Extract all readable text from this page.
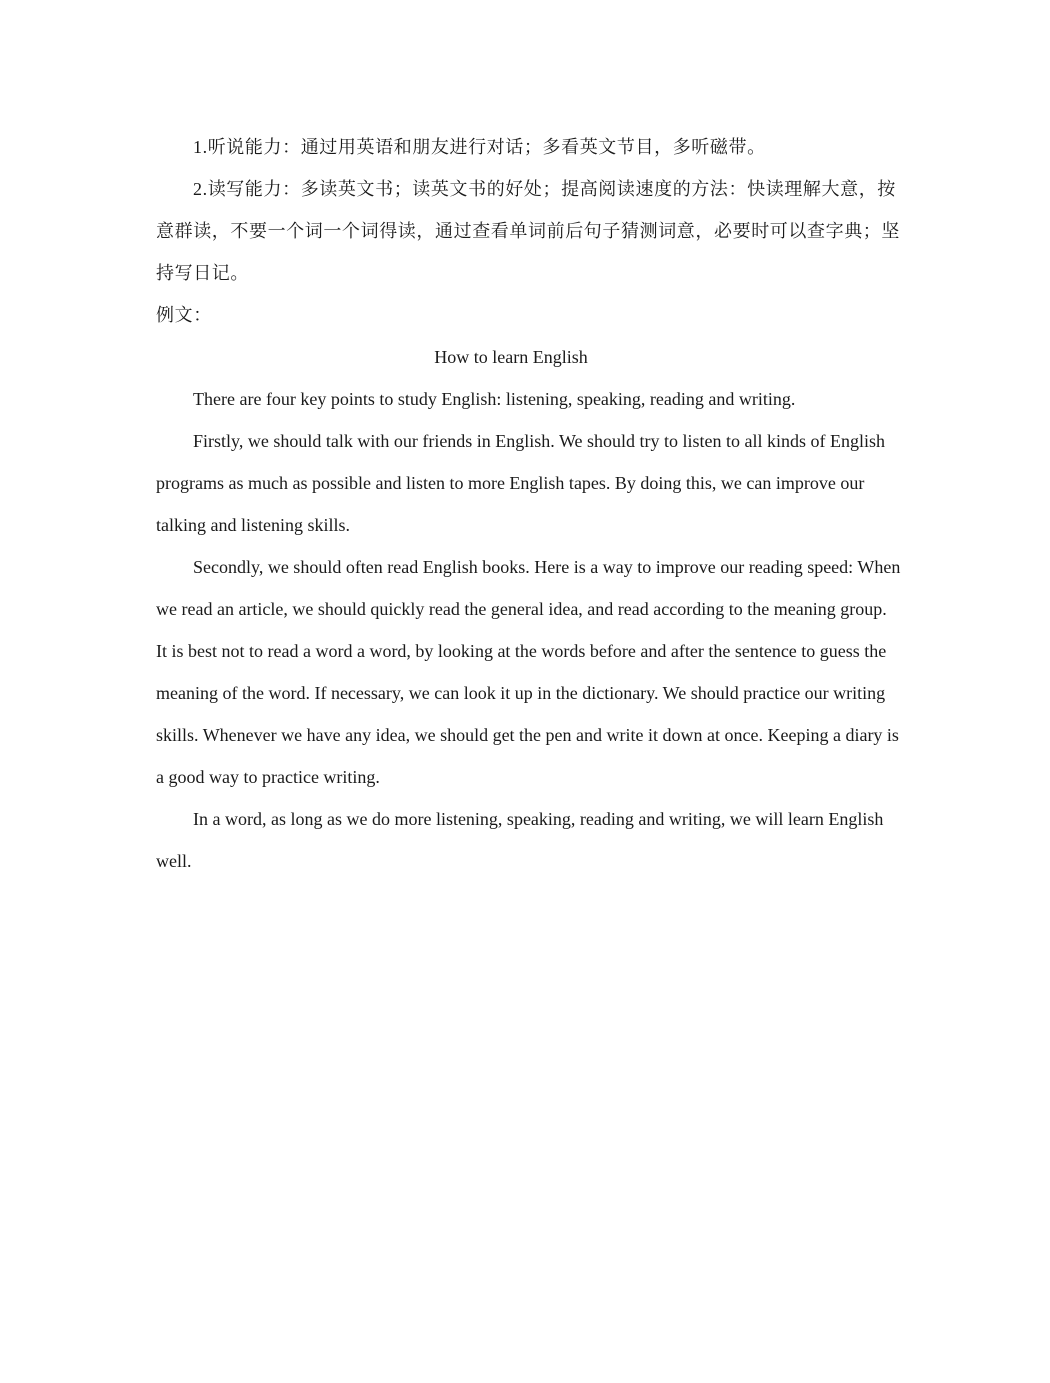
1.听说能力：通过用英语和朋友进行对话；多看英文节目，多听磁带。

2.读写能力：多读英文书；读英文书的好处；提高阅读速度的方法：快读理解大意，按意群读，不要一个词一个词得读，通过查看单词前后句子猜测词意，必要时可以查字典；坚持写日记。

例文：

How to learn English

There are four key points to study English: listening, speaking, reading and writing.

Firstly, we should talk with our friends in English. We should try to listen to all kinds of English programs as much as possible and listen to more English tapes. By doing this, we can improve our talking and listening skills.

Secondly, we should often read English books. Here is a way to improve our reading speed: When we read an article, we should quickly read the general idea, and read according to the meaning group. It is best not to read a word a word, by looking at the words before and after the sentence to guess the meaning of the word. If necessary, we can look it up in the dictionary. We should practice our writing skills. Whenever we have any idea, we should get the pen and write it down at once. Keeping a diary is a good way to practice writing.

In a word, as long as we do more listening, speaking, reading and writing, we will learn English well.
